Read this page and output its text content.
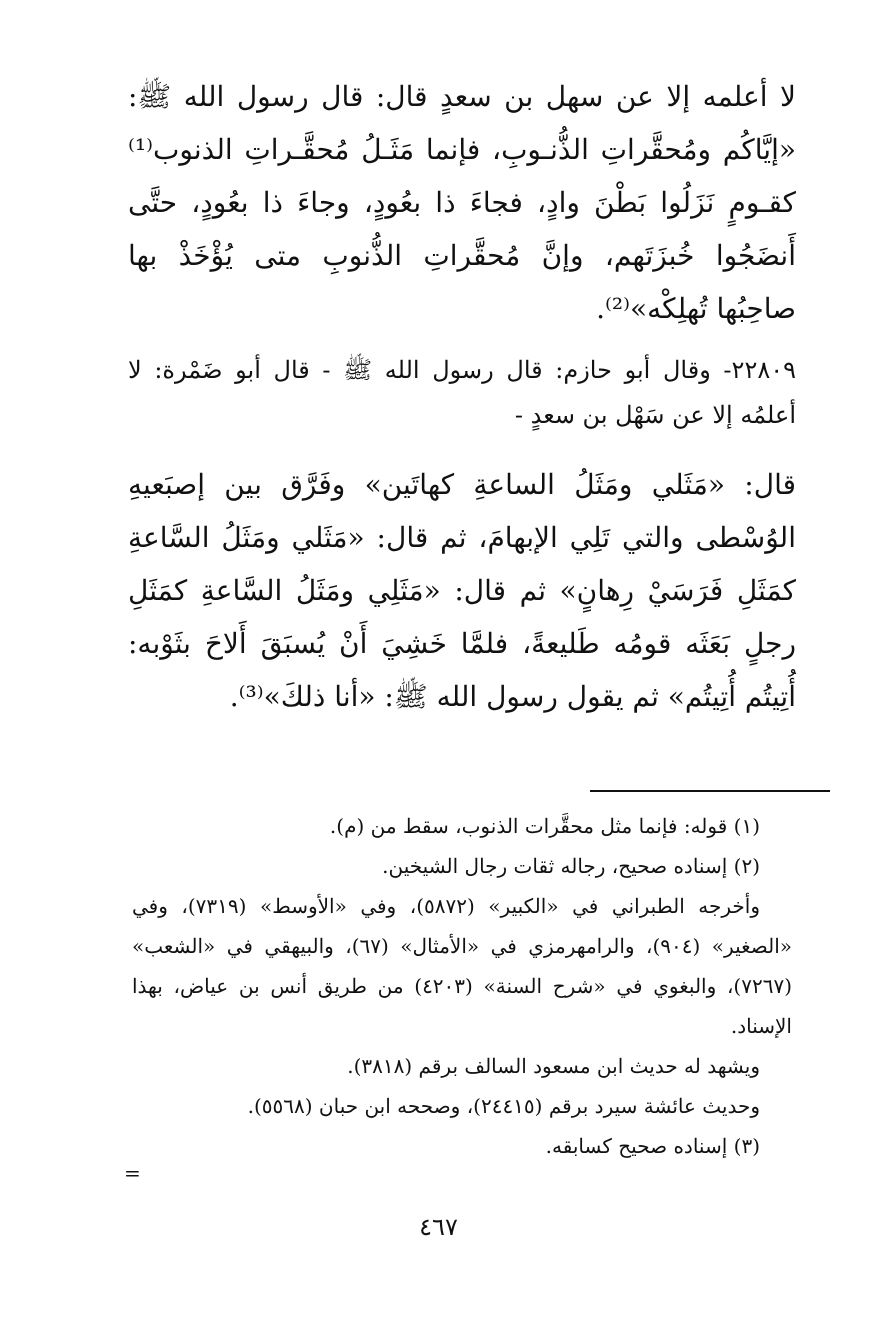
لا أعلمه إلا عن سهل بن سعدٍ قال: قال رسول الله ﷺ: «إيَّاكُم ومُحقَّراتِ الذُّنـوبِ، فإنما مَثَـلُ مُحقَّـراتِ الذنوب⁽¹⁾ كقـومٍ نَزَلُوا بَطْنَ وادٍ، فجاءَ ذا بعُودٍ، وجاءَ ذا بعُودٍ، حتَّى أَنضَجُوا خُبزَتَهم، وإنَّ مُحقَّراتِ الذُّنوبِ متى يُؤْخَذْ بها صاحِبُها تُهلِكْه»⁽²⁾.

٢٢٨٠٩- وقال أبو حازم: قال رسول الله ﷺ - قال أبو ضَمْرة: لا أعلمُه إلا عن سَهْل بن سعدٍ -

قال: «مَثَلي ومَثَلُ الساعةِ كهاتَين» وفَرَّق بين إصبَعيهِ الوُسْطى والتي تَلِي الإبهامَ، ثم قال: «مَثَلي ومَثَلُ السَّاعةِ كمَثَلِ فَرَسَيْ رِهانٍ» ثم قال: «مَثَلِي ومَثَلُ السَّاعةِ كمَثَلِ رجلٍ بَعَثَه قومُه طَليعةً، فلمَّا خَشِيَ أَنْ يُسبَقَ أَلاحَ بثَوْبه: أُتِيتُم أُتِيتُم» ثم يقول رسول الله ﷺ: «أنا ذلكَ»⁽³⁾.

(١) قوله: فإنما مثل محقَّرات الذنوب، سقط من (م).

(٢) إسناده صحيح، رجاله ثقات رجال الشيخين.

وأخرجه الطبراني في «الكبير» (٥٨٧٢)، وفي «الأوسط» (٧٣١٩)، وفي «الصغير» (٩٠٤)، والرامهرمزي في «الأمثال» (٦٧)، والبيهقي في «الشعب» (٧٢٦٧)، والبغوي في «شرح السنة» (٤٢٠٣) من طريق أنس بن عياض، بهذا الإسناد.

ويشهد له حديث ابن مسعود السالف برقم (٣٨١٨).

وحديث عائشة سيرد برقم (٢٤٤١٥)، وصححه ابن حبان (٥٥٦٨).

(٣) إسناده صحيح كسابقه.

=
٤٦٧
